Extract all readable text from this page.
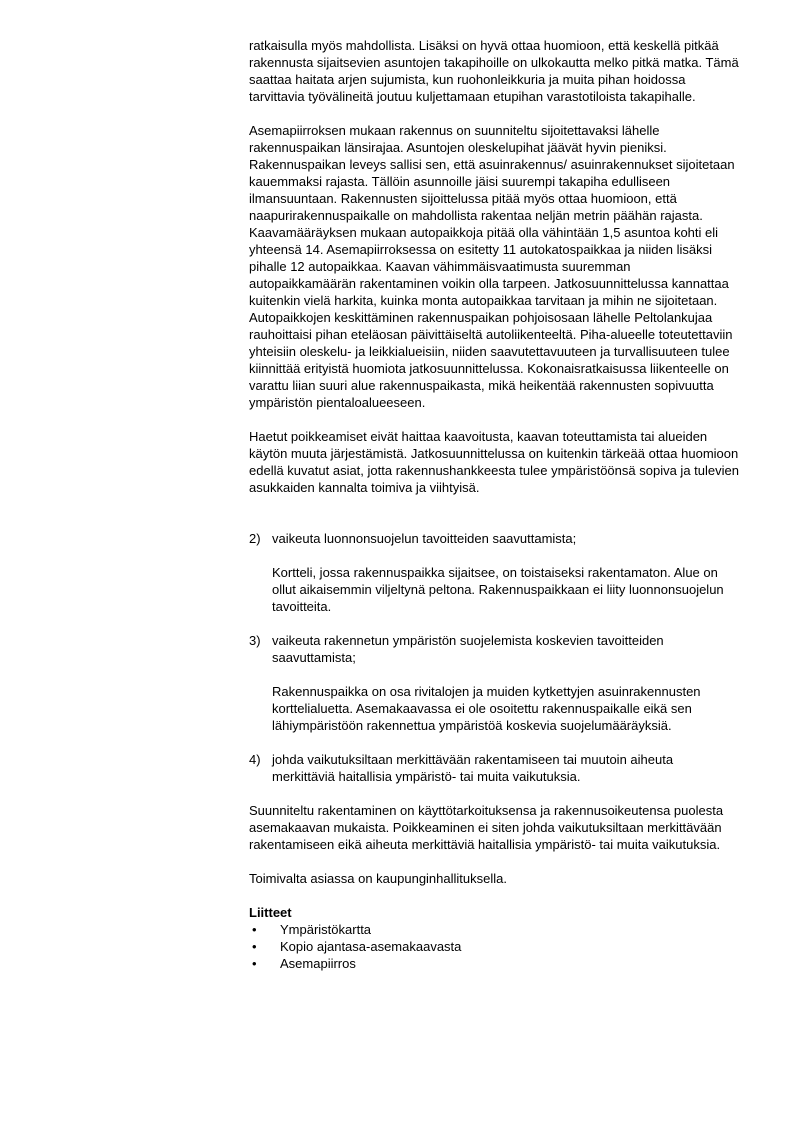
ratkaisulla myös mahdollista. Lisäksi on hyvä ottaa huomioon, että keskellä pitkää rakennusta sijaitsevien asuntojen takapihoille on ulkokautta melko pitkä matka. Tämä saattaa haitata arjen sujumista, kun ruohonleikkuria ja muita pihan hoidossa tarvittavia työvälineitä joutuu kuljettamaan etupihan varastotiloista takapihalle.

Asemapiirroksen mukaan rakennus on suunniteltu sijoitettavaksi lähelle rakennuspaikan länsirajaa. Asuntojen oleskelupihat jäävät hyvin pieniksi. Rakennuspaikan leveys sallisi sen, että asuinrakennus/ asuinrakennukset sijoitetaan kauemmaksi rajasta. Tällöin asunnoille jäisi suurempi takapiha edulliseen ilmansuuntaan. Rakennusten sijoittelussa pitää myös ottaa huomioon, että naapurirakennuspaikalle on mahdollista rakentaa neljän metrin päähän rajasta. Kaavamääräyksen mukaan autopaikkoja pitää olla vähintään 1,5 asuntoa kohti eli yhteensä 14. Asemapiirroksessa on esitetty 11 autokatospaikkaa ja niiden lisäksi pihalle 12 autopaikkaa. Kaavan vähimmäisvaatimusta suuremman autopaikkamäärän rakentaminen voikin olla tarpeen. Jatkosuunnittelussa kannattaa kuitenkin vielä harkita, kuinka monta autopaikkaa tarvitaan ja mihin ne sijoitetaan. Autopaikkojen keskittäminen rakennuspaikan pohjoisosaan lähelle Peltolankujaa rauhoittaisi pihan eteläosan päivittäiseltä autoliikenteeltä. Piha-alueelle toteutettaviin yhteisiin oleskelu- ja leikkialueisiin, niiden saavutettavuuteen ja turvallisuuteen tulee kiinnittää erityistä huomiota jatkosuunnittelussa. Kokonaisratkaisussa liikenteelle on varattu liian suuri alue rakennuspaikasta, mikä heikentää rakennusten sopivuutta ympäristön pientaloalueeseen.

Haetut poikkeamiset eivät haittaa kaavoitusta, kaavan toteuttamista tai alueiden käytön muuta järjestämistä. Jatkosuunnittelussa on kuitenkin tärkeää ottaa huomioon edellä kuvatut asiat, jotta rakennushankkeesta tulee ympäristöönsä sopiva ja tulevien asukkaiden kannalta toimiva ja viihtyisä.

2) vaikeuta luonnonsuojelun tavoitteiden saavuttamista;

Kortteli, jossa rakennuspaikka sijaitsee, on toistaiseksi rakentamaton. Alue on ollut aikaisemmin viljeltynä peltona. Rakennuspaikkaan ei liity luonnonsuojelun tavoitteita.

3) vaikeuta rakennetun ympäristön suojelemista koskevien tavoitteiden saavuttamista;

Rakennuspaikka on osa rivitalojen ja muiden kytkettyjen asuinrakennusten korttelialuetta. Asemakaavassa ei ole osoitettu rakennuspaikalle eikä sen lähiympäristöön rakennettua ympäristöä koskevia suojelumääräyksiä.

4) johda vaikutuksiltaan merkittävään rakentamiseen tai muutoin aiheuta merkittäviä haitallisia ympäristö- tai muita vaikutuksia.

Suunniteltu rakentaminen on käyttötarkoituksensa ja rakennusoikeutensa puolesta asemakaavan mukaista. Poikkeaminen ei siten johda vaikutuksiltaan merkittävään rakentamiseen eikä aiheuta merkittäviä haitallisia ympäristö- tai muita vaikutuksia.

Toimivalta asiassa on kaupunginhallituksella.

Liitteet

• Ympäristökartta
• Kopio ajantasa-asemakaavasta
• Asemapiirros
